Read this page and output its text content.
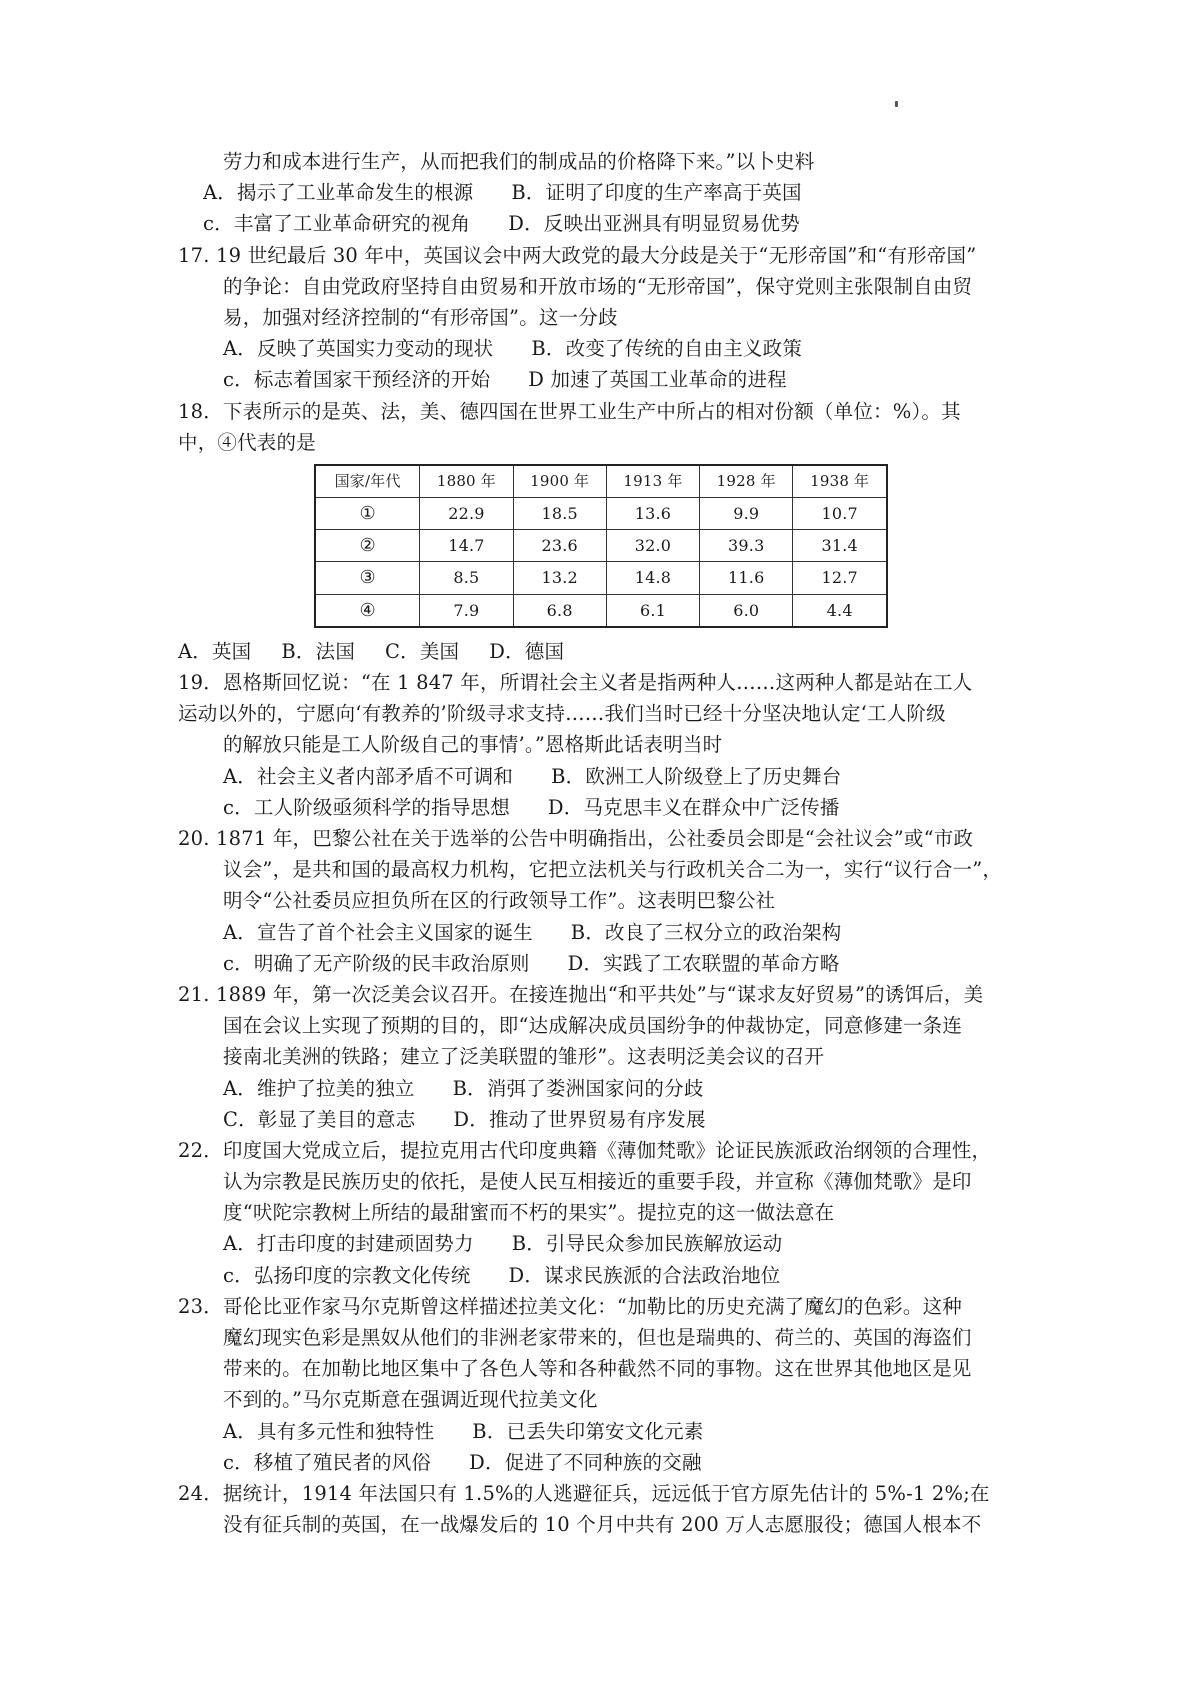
劳力和成本进行生产，从而把我们的制成品的价格降下来。”以卜史料
A．揭示了工业革命发生的根源 B．证明了印度的生产率高于英国
c．丰富了工业革命研究的视角 D．反映出亚洲具有明显贸易优势
17. 19 世纪最后 30 年中，英国议会中两大政党的最大分歧是关于“无形帝国”和“有形帝国”
的争论：自由党政府坚持自由贸易和开放市场的“无形帝国”，保守党则主张限制自由贸
易，加强对经济控制的“有形帝国”。这一分歧
A．反映了英国实力变动的现状 B．改变了传统的自由主义政策
c．标志着国家干预经济的开始 D 加速了英国工业革命的进程
18．下表所示的是英、法，美、德四国在世界工业生产中所占的相对份额（单位：%）。其
中，④代表的是
国家/年代	1880 年	1900 年	1913 年	1928 年	1938 年
①	22.9	18.5	13.6	9.9	10.7
②	14.7	23.6	32.0	39.3	31.4
③	8.5	13.2	14.8	11.6	12.7
④	7.9	6.8	6.1	6.0	4.4
A．英国 B．法国 C．美国 D．德国
19．恩格斯回忆说：“在 1 847 年，所谓社会主义者是指两种人……这两种人都是站在工人
运动以外的，宁愿向‘有教养的’阶级寻求支持……我们当时已经十分坚决地认定‘工人阶级
的解放只能是工人阶级自己的事情’。”恩格斯此话表明当时
A．社会主义者内部矛盾不可调和 B．欧洲工人阶级登上了历史舞台
c．工人阶级亟须科学的指导思想 D．马克思丰义在群众中广泛传播
20. 1871 年，巴黎公社在关于选举的公告中明确指出，公社委员会即是“会社议会”或“市政
议会”，是共和国的最高权力机构，它把立法机关与行政机关合二为一，实行“议行合一”，
明令“公社委员应担负所在区的行政领导工作”。这表明巴黎公社
A．宣告了首个社会主义国家的诞生 B．改良了三权分立的政治架构
c．明确了无产阶级的民丰政治原则 D．实践了工农联盟的革命方略
21. 1889 年，第一次泛美会议召开。在接连抛出“和平共处”与“谋求友好贸易”的诱饵后，美
国在会议上实现了预期的目的，即“达成解决成员国纷争的仲裁协定，同意修建一条连
接南北美洲的铁路；建立了泛美联盟的雏形”。这表明泛美会议的召开
A．维护了拉美的独立 B．消弭了娄洲国家问的分歧
C．彰显了美目的意志 D．推动了世界贸易有序发展
22．印度国大党成立后，提拉克用古代印度典籍《薄伽梵歌》论证民族派政治纲领的合理性，
认为宗教是民族历史的依托，是使人民互相接近的重要手段，并宣称《薄伽梵歌》是印
度“吠陀宗教树上所结的最甜蜜而不朽的果实”。提拉克的这一做法意在
A．打击印度的封建顽固势力 B．引导民众参加民族解放运动
c．弘扬印度的宗教文化传统 D．谋求民族派的合法政治地位
23．哥伦比亚作家马尔克斯曾这样描述拉美文化：“加勒比的历史充满了魔幻的色彩。这种
魔幻现实色彩是黑奴从他们的非洲老家带来的，但也是瑞典的、荷兰的、英国的海盗们
带来的。在加勒比地区集中了各色人等和各种截然不同的事物。这在世界其他地区是见
不到的。”马尔克斯意在强调近现代拉美文化
A．具有多元性和独特性 B．已丢失印第安文化元素
c．移植了殖民者的风俗 D．促进了不同种族的交融
24．据统计，1914 年法国只有 1.5%的人逃避征兵，远远低于官方原先估计的 5%-1 2%;在
没有征兵制的英国，在一战爆发后的 10 个月中共有 200 万人志愿服役；德国人根本不
